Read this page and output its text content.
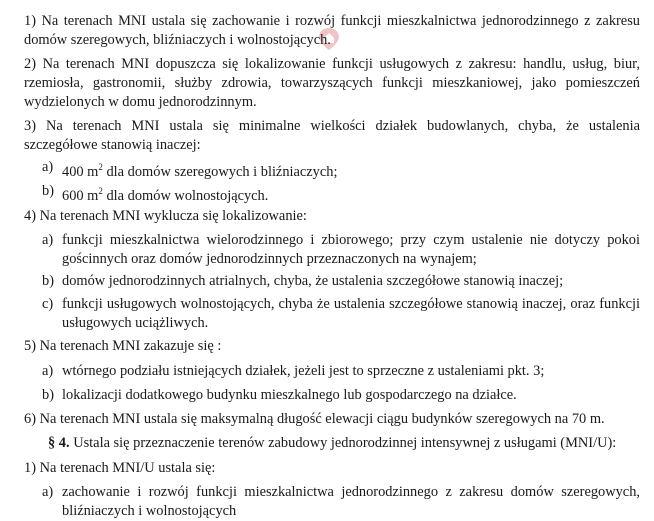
1) Na terenach MNI ustala się zachowanie i rozwój funkcji mieszkalnictwa jednorodzinnego z zakresu domów szeregowych, bliźniaczych i wolnostojących.

2) Na terenach MNI dopuszcza się lokalizowanie funkcji usługowych z zakresu: handlu, usług, biur, rzemiosła, gastronomii, służby zdrowia, towarzyszących funkcji mieszkaniowej, jako pomieszczeń wydzielonych w domu jednorodzinnym.

3) Na terenach MNI ustala się minimalne wielkości działek budowlanych, chyba, że ustalenia szczegółowe stanowią inaczej:

a) 400 $m^2$ dla domów szeregowych i bliźniaczych;
b) 600 $m^2$ dla domów wolnostojących.

4) Na terenach MNI wyklucza się lokalizowanie:

a) funkcji mieszkalnictwa wielorodzinnego i zbiorowego; przy czym ustalenie nie dotyczy pokoi gościnnych oraz domów jednorodzinnych przeznaczonych na wynajem;
b) domów jednorodzinnych atrialnych, chyba, że ustalenia szczegółowe stanowią inaczej;
c) funkcji usługowych wolnostojących, chyba że ustalenia szczegółowe stanowią inaczej, oraz funkcji usługowych uciążliwych.

5) Na terenach MNI zakazuje się :

a) wtórnego podziału istniejących działek, jeżeli jest to sprzeczne z ustaleniami pkt. 3;
b) lokalizacji dodatkowego budynku mieszkalnego lub gospodarczego na działce.

6) Na terenach MNI ustala się maksymalną długość elewacji ciągu budynków szeregowych na 70 m.

§ 4. Ustala się przeznaczenie terenów zabudowy jednorodzinnej intensywnej z usługami (MNI/U):

1) Na terenach MNI/U ustala się:

a) zachowanie i rozwój funkcji mieszkalnictwa jednorodzinnego z zakresu domów szeregowych, bliźniaczych i wolnostojących
